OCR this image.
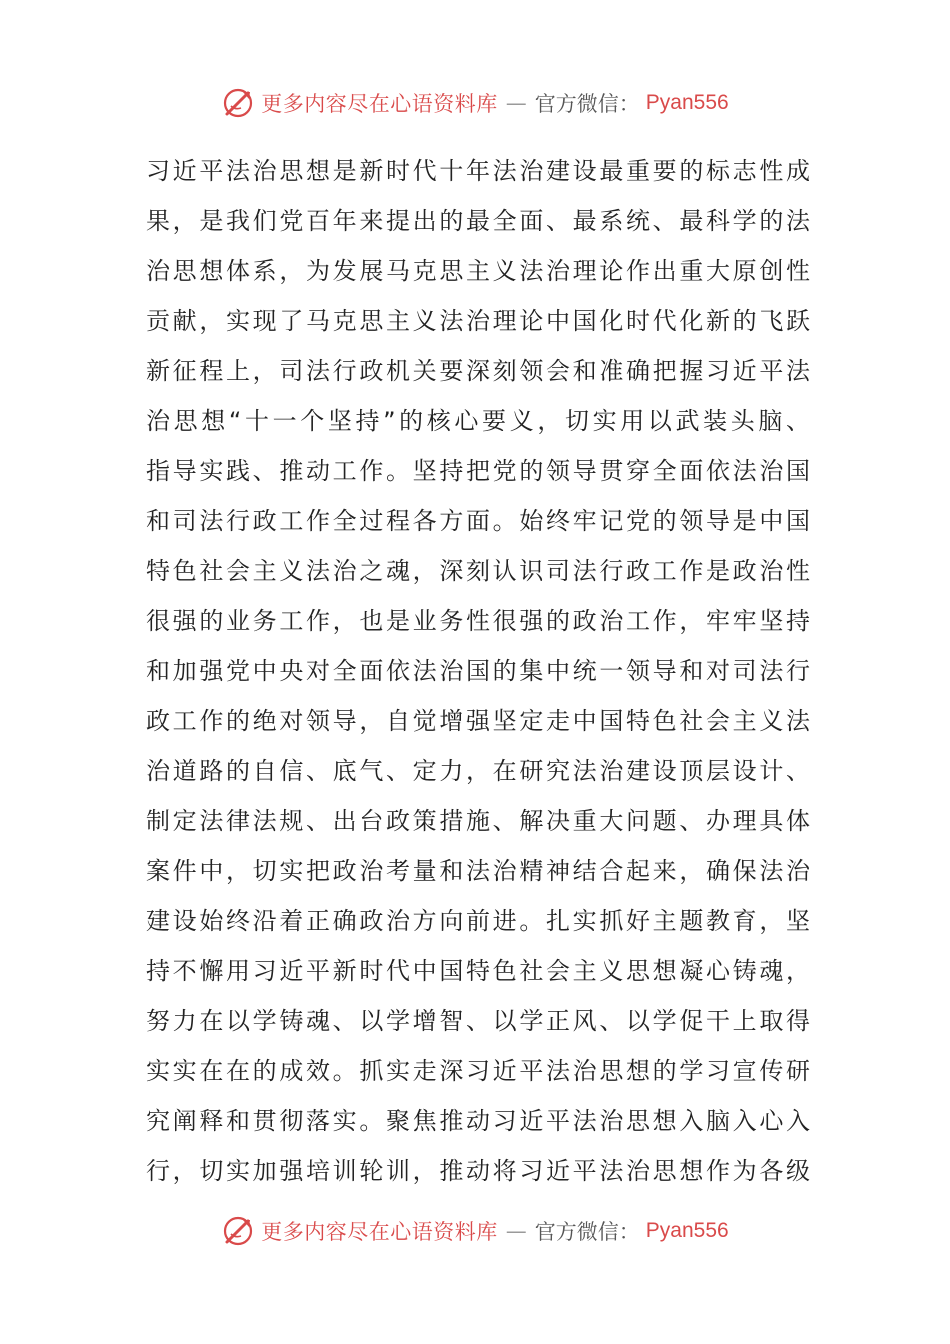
更多内容尽在心语资料库 — 官方微信： Pyan556
习近平法治思想是新时代十年法治建设最重要的标志性成
果，是我们党百年来提出的最全面、最系统、最科学的法
治思想体系，为发展马克思主义法治理论作出重大原创性
贡献，实现了马克思主义法治理论中国化时代化新的飞跃
新征程上，司法行政机关要深刻领会和准确把握习近平法
治思想“十一个坚持”的核心要义，切实用以武装头脑、
指导实践、推动工作。坚持把党的领导贯穿全面依法治国
和司法行政工作全过程各方面。始终牢记党的领导是中国
特色社会主义法治之魂，深刻认识司法行政工作是政治性
很强的业务工作，也是业务性很强的政治工作，牢牢坚持
和加强党中央对全面依法治国的集中统一领导和对司法行
政工作的绝对领导，自觉增强坚定走中国特色社会主义法
治道路的自信、底气、定力，在研究法治建设顶层设计、
制定法律法规、出台政策措施、解决重大问题、办理具体
案件中，切实把政治考量和法治精神结合起来，确保法治
建设始终沿着正确政治方向前进。扎实抓好主题教育，坚
持不懈用习近平新时代中国特色社会主义思想凝心铸魂，
努力在以学铸魂、以学增智、以学正风、以学促干上取得
实实在在的成效。抓实走深习近平法治思想的学习宣传研
究阐释和贯彻落实。聚焦推动习近平法治思想入脑入心入
行，切实加强培训轮训，推动将习近平法治思想作为各级
更多内容尽在心语资料库 — 官方微信： Pyan556
